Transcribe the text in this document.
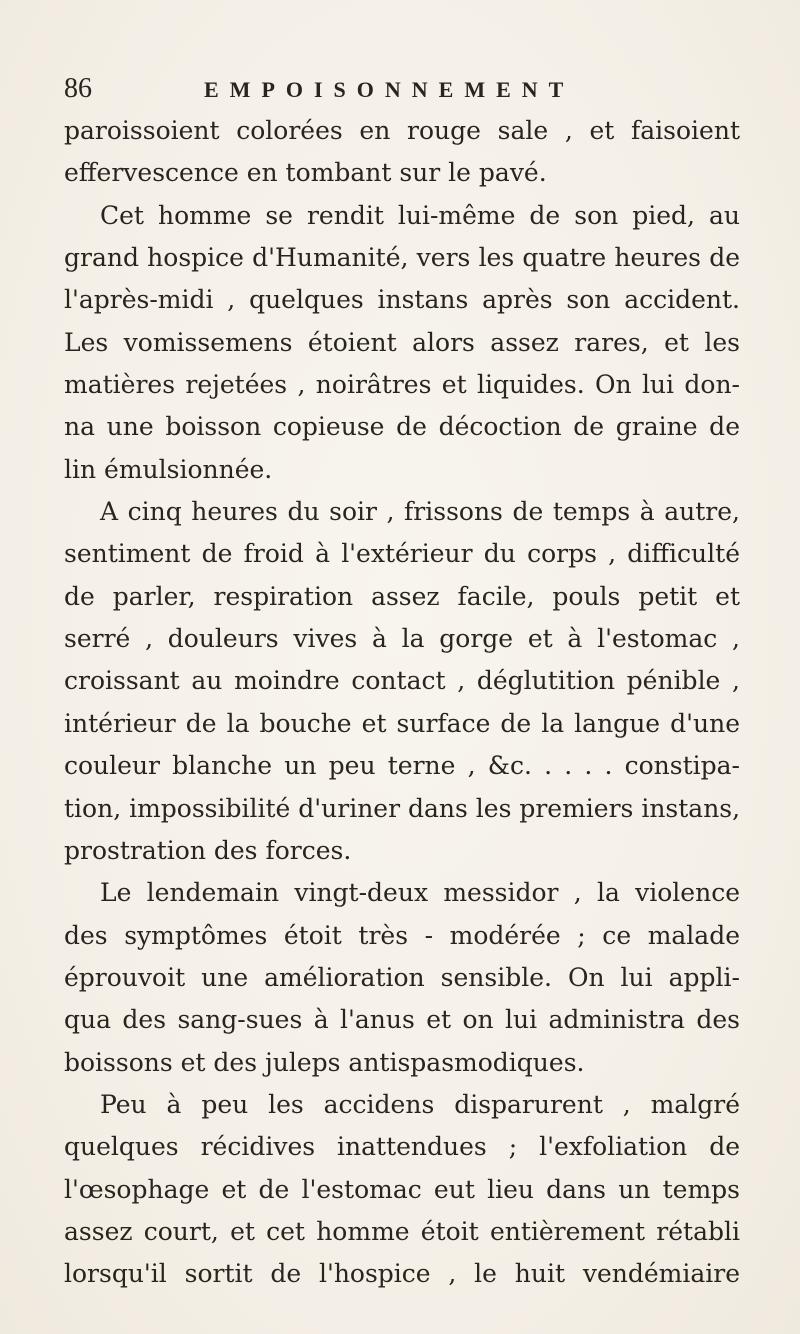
86	EMPOISONNEMENT
paroissoient colorées en rouge sale , et faisoient
effervescence en tombant sur le pavé.
Cet homme se rendit lui-même de son pied, au
grand hospice d'Humanité, vers les quatre heures de
l'après-midi , quelques instans après son accident.
Les vomissemens étoient alors assez rares, et les
matières rejetées , noirâtres et liquides. On lui don-
na une boisson copieuse de décoction de graine de
lin émulsionnée.
A cinq heures du soir , frissons de temps à autre,
sentiment de froid à l'extérieur du corps , difficulté
de parler, respiration assez facile, pouls petit et
serré , douleurs vives à la gorge et à l'estomac ,
croissant au moindre contact , déglutition pénible ,
intérieur de la bouche et surface de la langue d'une
couleur blanche un peu terne , &c. . . . . constipa-
tion, impossibilité d'uriner dans les premiers instans,
prostration des forces.
Le lendemain vingt-deux messidor , la violence
des symptômes étoit très - modérée ; ce malade
éprouvoit une amélioration sensible. On lui appli-
qua des sang-sues à l'anus et on lui administra des
boissons et des juleps antispasmodiques.
Peu à peu les accidens disparurent , malgré
quelques récidives inattendues ; l'exfoliation de
l'œsophage et de l'estomac eut lieu dans un temps
assez court, et cet homme étoit entièrement rétabli
lorsqu'il sortit de l'hospice , le huit vendémiaire
